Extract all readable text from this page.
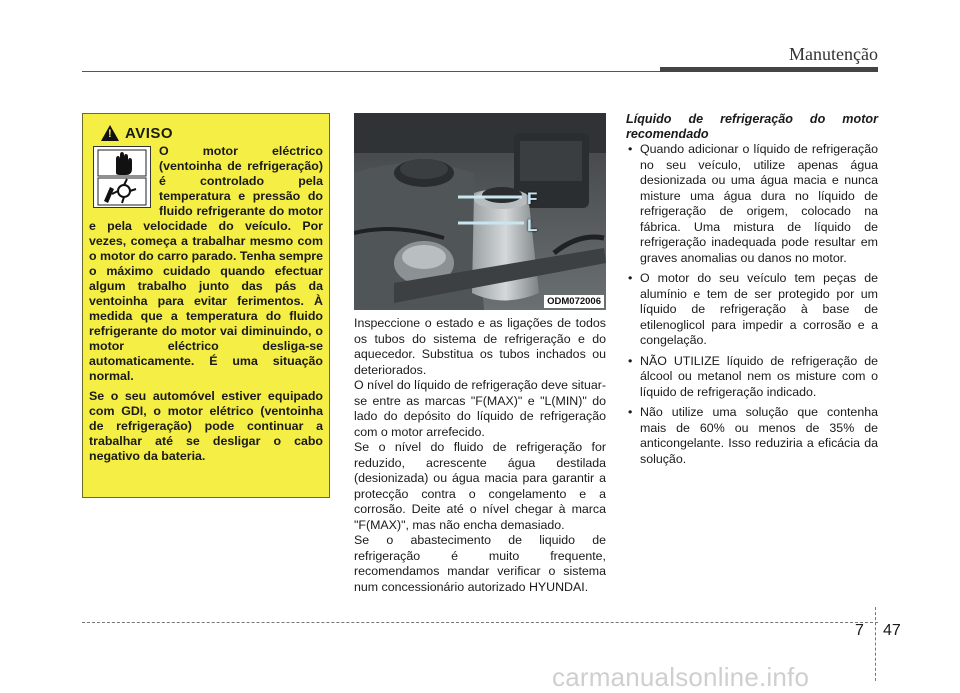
Manutenção
! AVISO

O motor eléctrico (ventoinha de refrigeração) é controlado pela temperatura e pressão do fluido refrigerante do motor e pela velocidade do veículo. Por vezes, começa a trabalhar mesmo com o motor do carro parado. Tenha sempre o máximo cuidado quando efectuar algum trabalho junto das pás da ventoinha para evitar ferimentos. À medida que a temperatura do fluido refrigerante do motor vai diminuindo, o motor eléctrico desliga-se automaticamente. É uma situação normal.

Se o seu automóvel estiver equipado com GDI, o motor elétrico (ventoinha de refrigeração) pode continuar a trabalhar até se desligar o cabo negativo da bateria.

F
L
ODM072006

Inspeccione o estado e as ligações de todos os tubos do sistema de refrigeração e do aquecedor. Substitua os tubos inchados ou deteriorados.

O nível do líquido de refrigeração deve situar-se entre as marcas "F(MAX)" e "L(MIN)" do lado do depósito do líquido de refrigeração com o motor arrefecido.

Se o nível do fluido de refrigeração for reduzido, acrescente água destilada (desionizada) ou água macia para garantir a protecção contra o congelamento e a corrosão. Deite até o nível chegar à marca "F(MAX)", mas não encha demasiado.

Se o abastecimento de liquido de refrigeração é muito frequente, recomendamos mandar verificar o sistema num concessionário autorizado HYUNDAI.

Líquido de refrigeração do motor recomendado

• Quando adicionar o líquido de refrigeração no seu veículo, utilize apenas água desionizada ou uma água macia e nunca misture uma água dura no líquido de refrigeração de origem, colocado na fábrica. Uma mistura de líquido de refrigeração inadequada pode resultar em graves anomalias ou danos no motor.
• O motor do seu veículo tem peças de alumínio e tem de ser protegido por um líquido de refrigeração à base de etilenoglicol para impedir a corrosão e a congelação.
• NÃO UTILIZE líquido de refrigeração de álcool ou metanol nem os misture com o líquido de refrigeração indicado.
• Não utilize uma solução que contenha mais de 60% ou menos de 35% de anticongelante. Isso reduziria a eficácia da solução.
7 47
carmanualsonline.info
